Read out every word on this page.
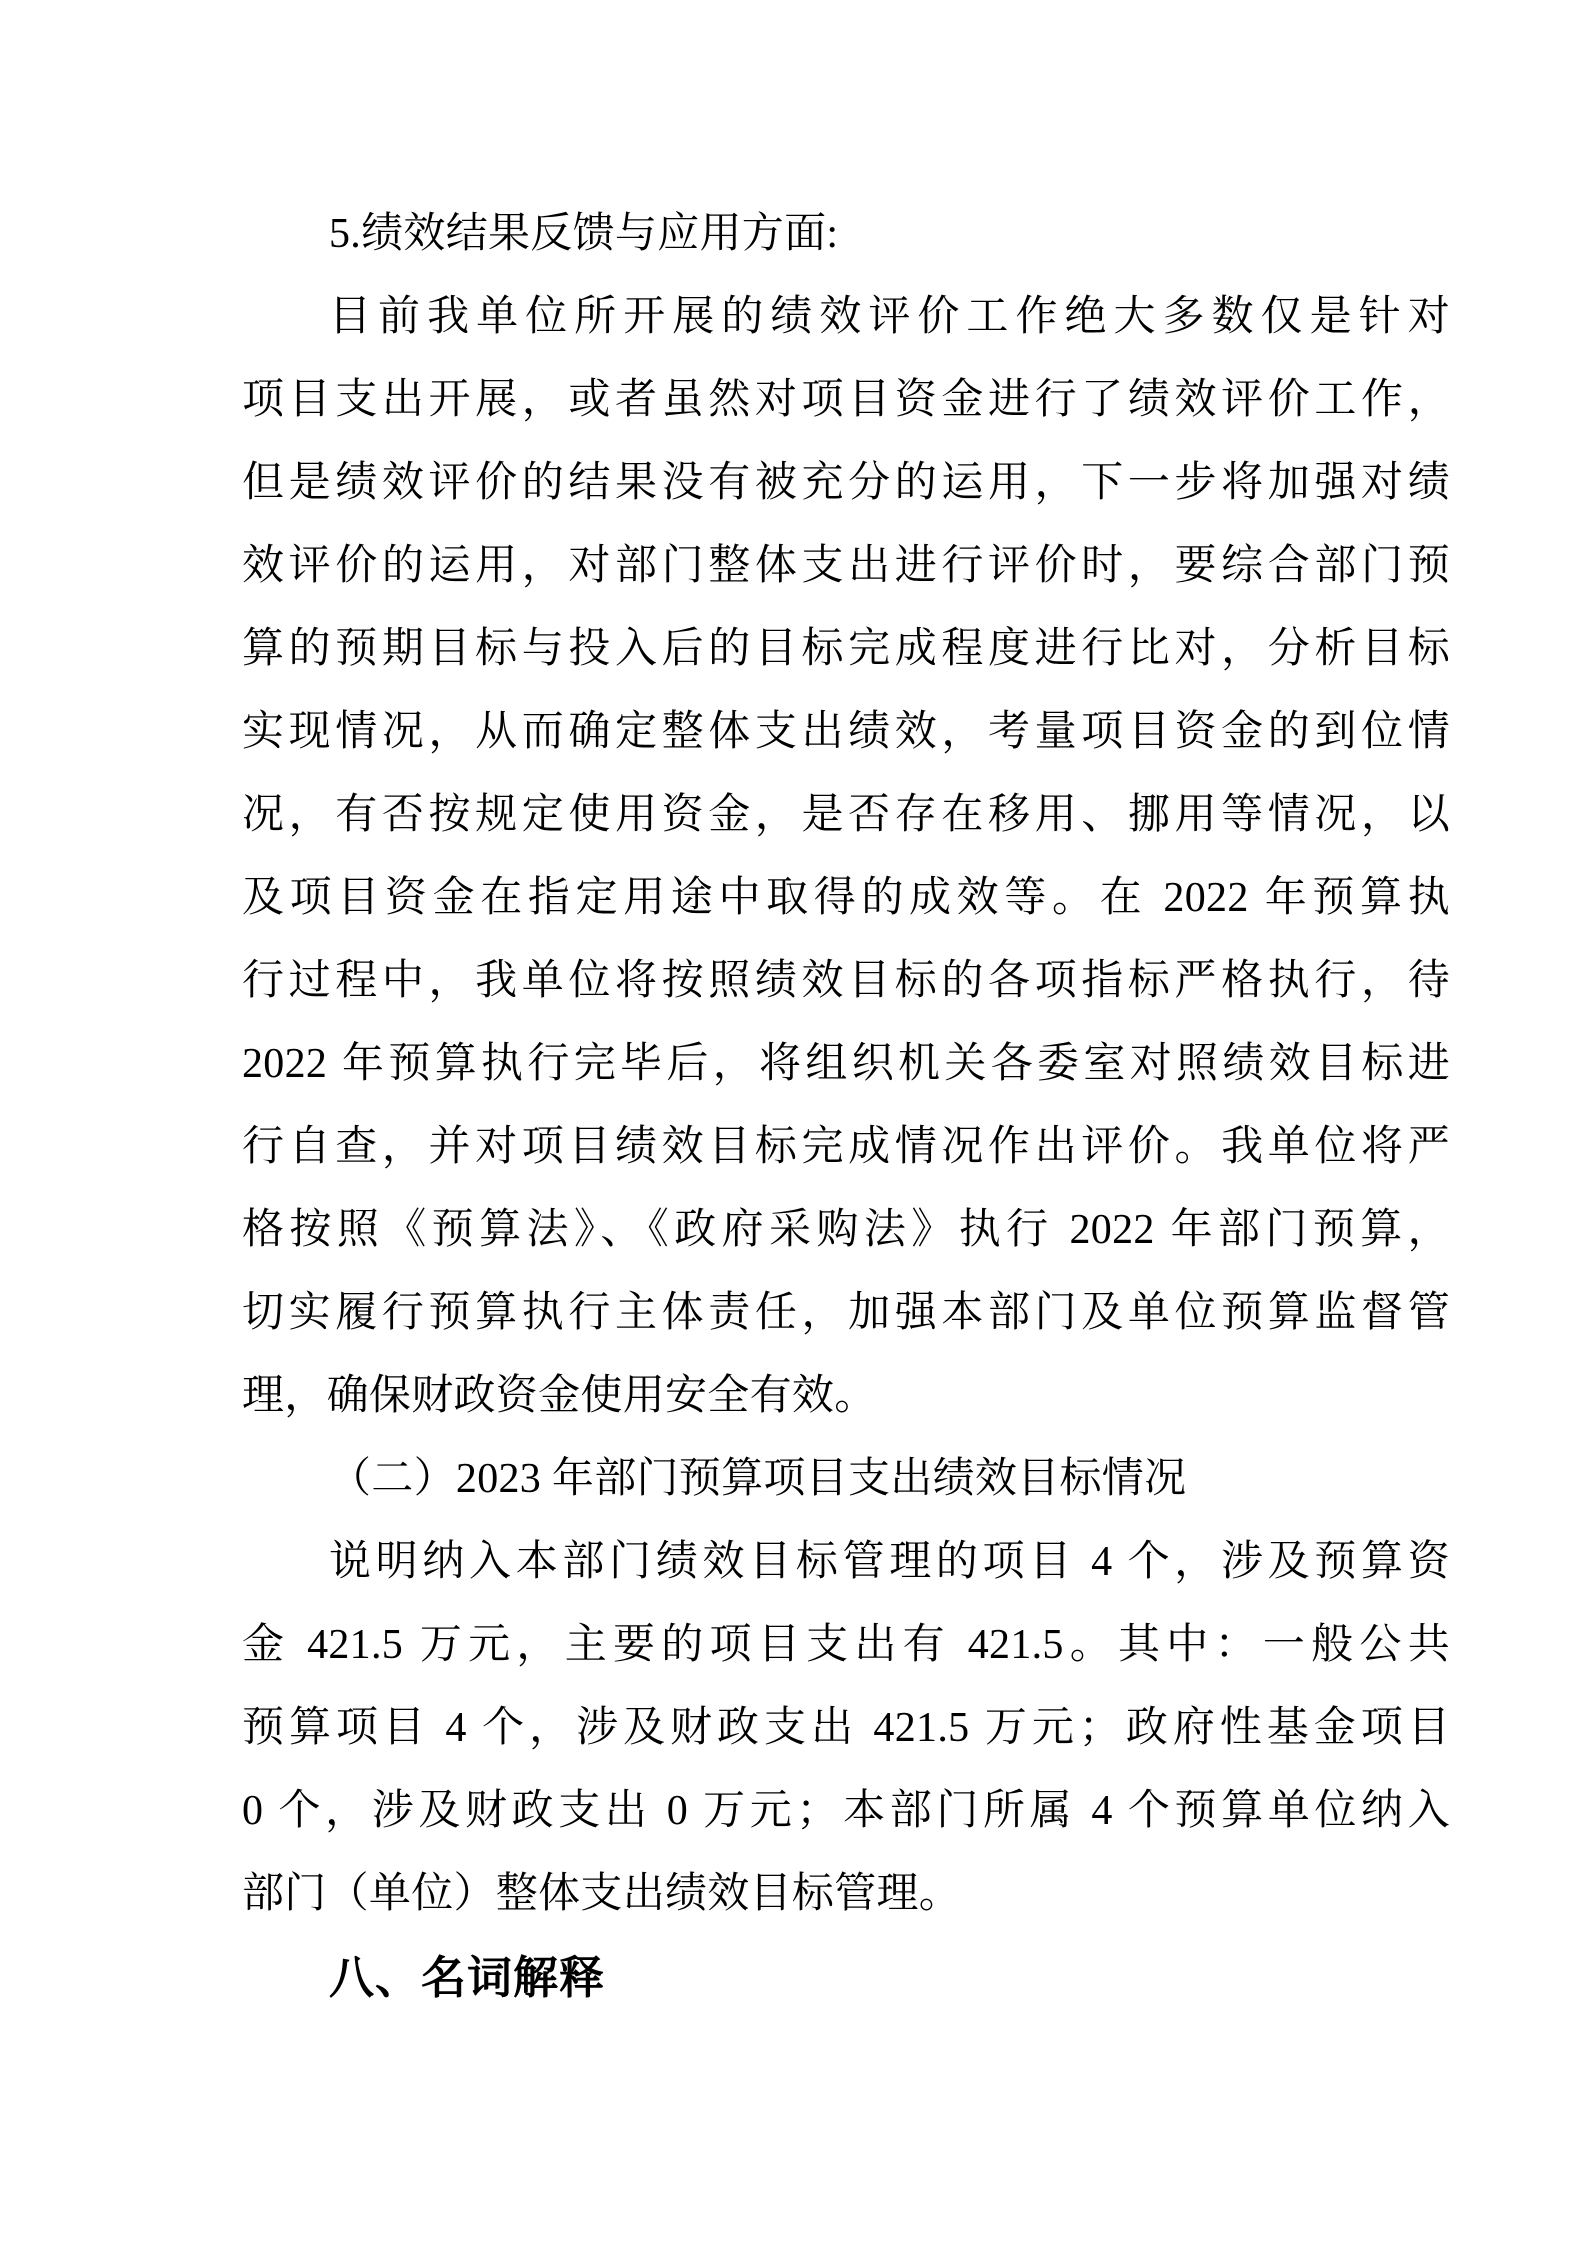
5.绩效结果反馈与应用方面:
目前我单位所开展的绩效评价工作绝大多数仅是针对
项目支出开展，或者虽然对项目资金进行了绩效评价工作，
但是绩效评价的结果没有被充分的运用，下一步将加强对绩
效评价的运用，对部门整体支出进行评价时，要综合部门预
算的预期目标与投入后的目标完成程度进行比对，分析目标
实现情况，从而确定整体支出绩效，考量项目资金的到位情
况，有否按规定使用资金，是否存在移用、挪用等情况，以
及项目资金在指定用途中取得的成效等。在 2022 年预算执
行过程中，我单位将按照绩效目标的各项指标严格执行，待
2022 年预算执行完毕后，将组织机关各委室对照绩效目标进
行自查，并对项目绩效目标完成情况作出评价。我单位将严
格按照《预算法》、《政府采购法》执行 2022 年部门预算，
切实履行预算执行主体责任，加强本部门及单位预算监督管
理，确保财政资金使用安全有效。
（二）2023 年部门预算项目支出绩效目标情况
说明纳入本部门绩效目标管理的项目 4 个，涉及预算资
金 421.5 万元，主要的项目支出有 421.5。其中：一般公共
预算项目 4 个，涉及财政支出 421.5 万元；政府性基金项目
0 个，涉及财政支出 0 万元；本部门所属 4 个预算单位纳入
部门（单位）整体支出绩效目标管理。
八、名词解释
